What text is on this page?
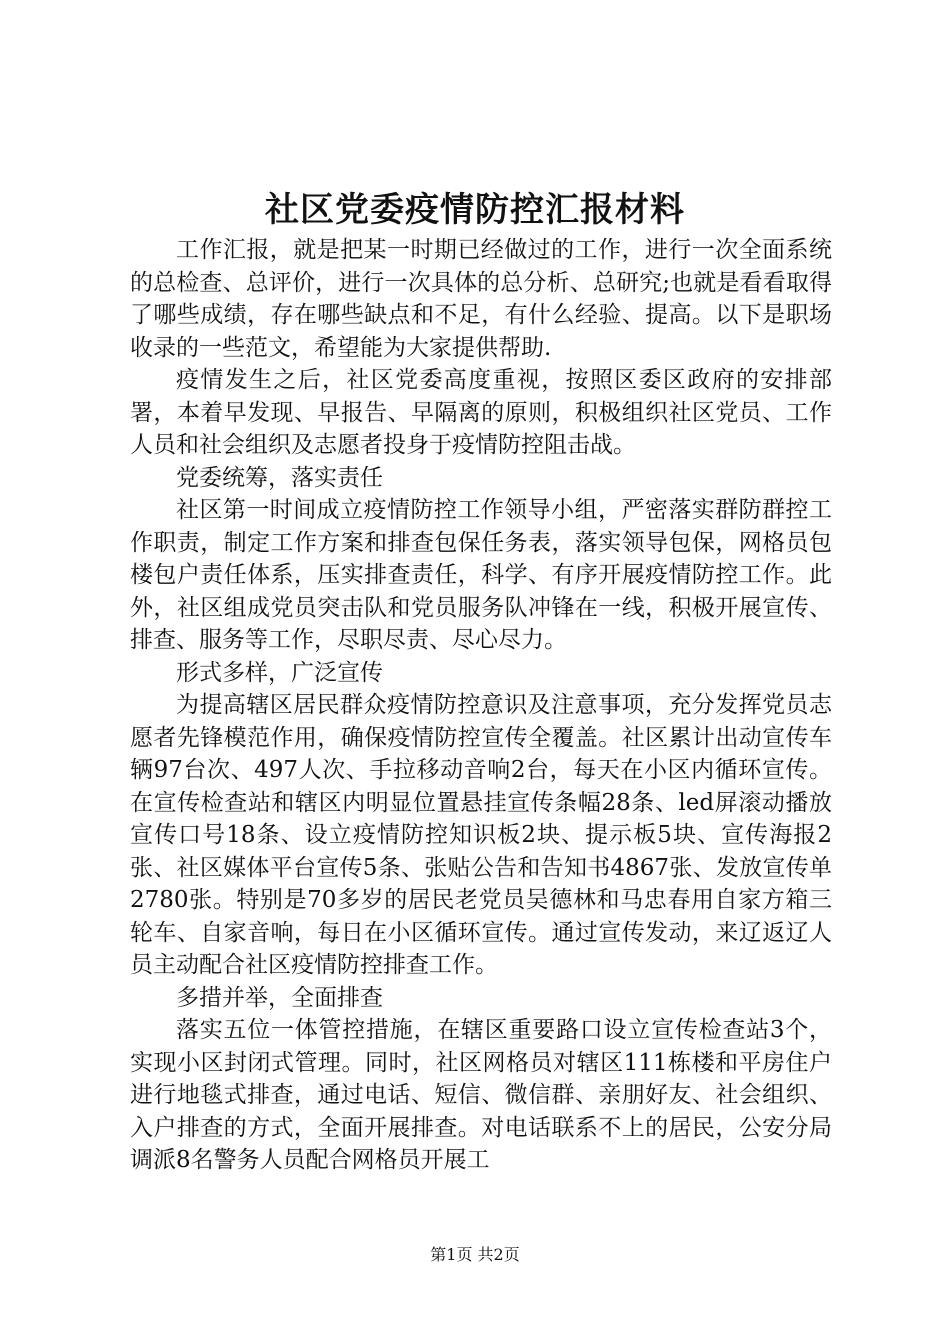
社区党委疫情防控汇报材料

工作汇报，就是把某一时期已经做过的工作，进行一次全面系统的总检查、总评价，进行一次具体的总分析、总研究;也就是看看取得了哪些成绩，存在哪些缺点和不足，有什么经验、提高。以下是职场收录的一些范文，希望能为大家提供帮助.

疫情发生之后，社区党委高度重视，按照区委区政府的安排部署，本着早发现、早报告、早隔离的原则，积极组织社区党员、工作人员和社会组织及志愿者投身于疫情防控阻击战。

党委统筹，落实责任

社区第一时间成立疫情防控工作领导小组，严密落实群防群控工作职责，制定工作方案和排查包保任务表，落实领导包保，网格员包楼包户责任体系，压实排查责任，科学、有序开展疫情防控工作。此外，社区组成党员突击队和党员服务队冲锋在一线，积极开展宣传、排查、服务等工作，尽职尽责、尽心尽力。

形式多样，广泛宣传

为提高辖区居民群众疫情防控意识及注意事项，充分发挥党员志愿者先锋模范作用，确保疫情防控宣传全覆盖。社区累计出动宣传车辆97台次、497人次、手拉移动音响2台，每天在小区内循环宣传。在宣传检查站和辖区内明显位置悬挂宣传条幅28条、led屏滚动播放宣传口号18条、设立疫情防控知识板2块、提示板5块、宣传海报2张、社区媒体平台宣传5条、张贴公告和告知书4867张、发放宣传单2780张。特别是70多岁的居民老党员吴德林和马忠春用自家方箱三轮车、自家音响，每日在小区循环宣传。通过宣传发动，来辽返辽人员主动配合社区疫情防控排查工作。

多措并举，全面排查

落实五位一体管控措施，在辖区重要路口设立宣传检查站3个，实现小区封闭式管理。同时，社区网格员对辖区111栋楼和平房住户进行地毯式排查，通过电话、短信、微信群、亲朋好友、社会组织、入户排查的方式，全面开展排查。对电话联系不上的居民，公安分局调派8名警务人员配合网格员开展工

第1页 共2页
